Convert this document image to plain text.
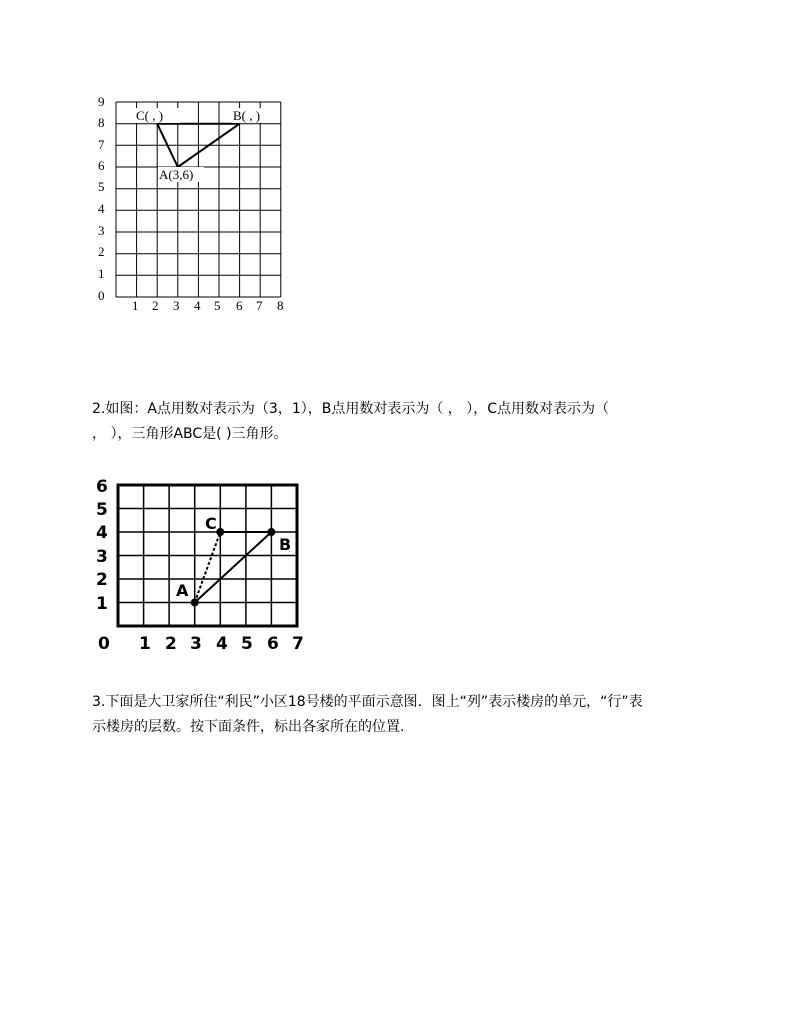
9
8
7
6
5
4
3
2
1
0
1 2 3 4 5 6 7 8
C( , )	B( , )
A(3,6)

2.如图：A点用数对表示为（3，1），B点用数对表示为（ ， ），C点用数对表示为（

， ），三角形ABC是( )三角形。

6
5
4
3
2
1
0 1 2 3 4 5 6 7
A
C
B

3.下面是大卫家所住“利民”小区18号楼的平面示意图．图上“列”表示楼房的单元，“行”表

示楼房的层数。按下面条件，标出各家所在的位置.
